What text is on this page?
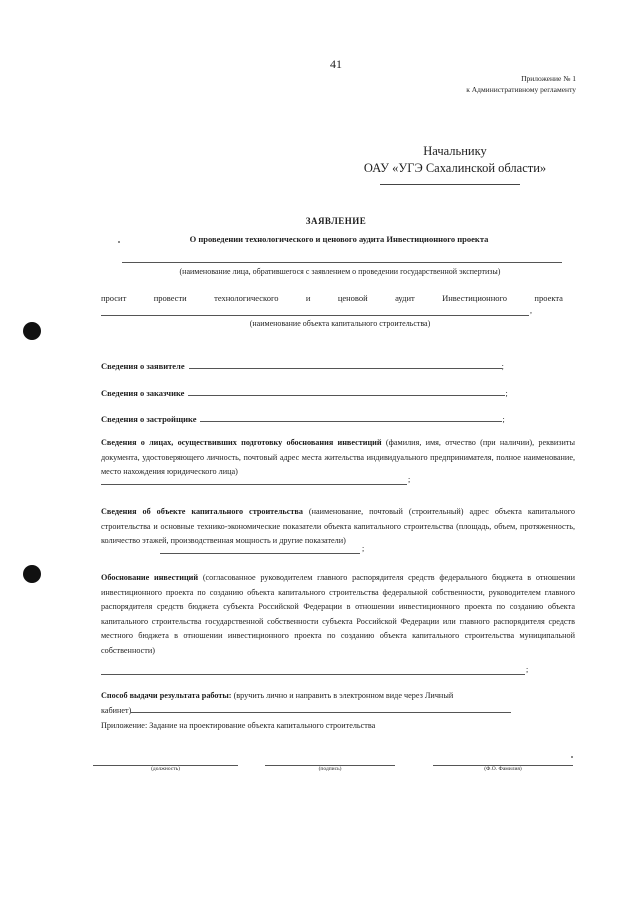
41
Приложение № 1
к Административному регламенту
Начальнику
ОАУ «УГЭ Сахалинской области»
ЗАЯВЛЕНИЕ
О проведении технологического и ценового аудита Инвестиционного проекта
(наименование лица, обратившегося с заявлением о проведении государственной экспертизы)
просит	провести	технологического	и	ценовой	аудит	Инвестиционного	проекта
,
(наименование объекта капитального строительства)
Сведения о заявителе	;
Сведения о заказчике	;
Сведения о застройщике	;
Сведения о лицах, осуществивших подготовку обоснования инвестиций (фамилия, имя, отчество (при наличии), реквизиты документа, удостоверяющего личность, почтовый адрес места жительства индивидуального предпринимателя, полное наименование, место нахождения юридического лица)
;
Сведения об объекте капитального строительства (наименование, почтовый (строительный) адрес объекта капитального строительства и основные технико-экономические показатели объекта капитального строительства (площадь, объем, протяженность, количество этажей, производственная мощность и другие показатели)
;
Обоснование инвестиций (согласованное руководителем главного распорядителя средств федерального бюджета в отношении инвестиционного проекта по созданию объекта капитального строительства федеральной собственности, руководителем главного распорядителя средств бюджета субъекта Российской Федерации в отношении инвестиционного проекта по созданию объекта капитального строительства государственной собственности субъекта Российской Федерации или главного распорядителя средств местного бюджета в отношении инвестиционного проекта по созданию объекта капитального строительства муниципальной собственности)
;
Способ выдачи результата работы: (вручить лично и направить в электронном виде через Личный
кабинет)
Приложение: Задание на проектирование объекта капитального строительства
(должность)	(подпись)	(Ф.О. Фамилия)
